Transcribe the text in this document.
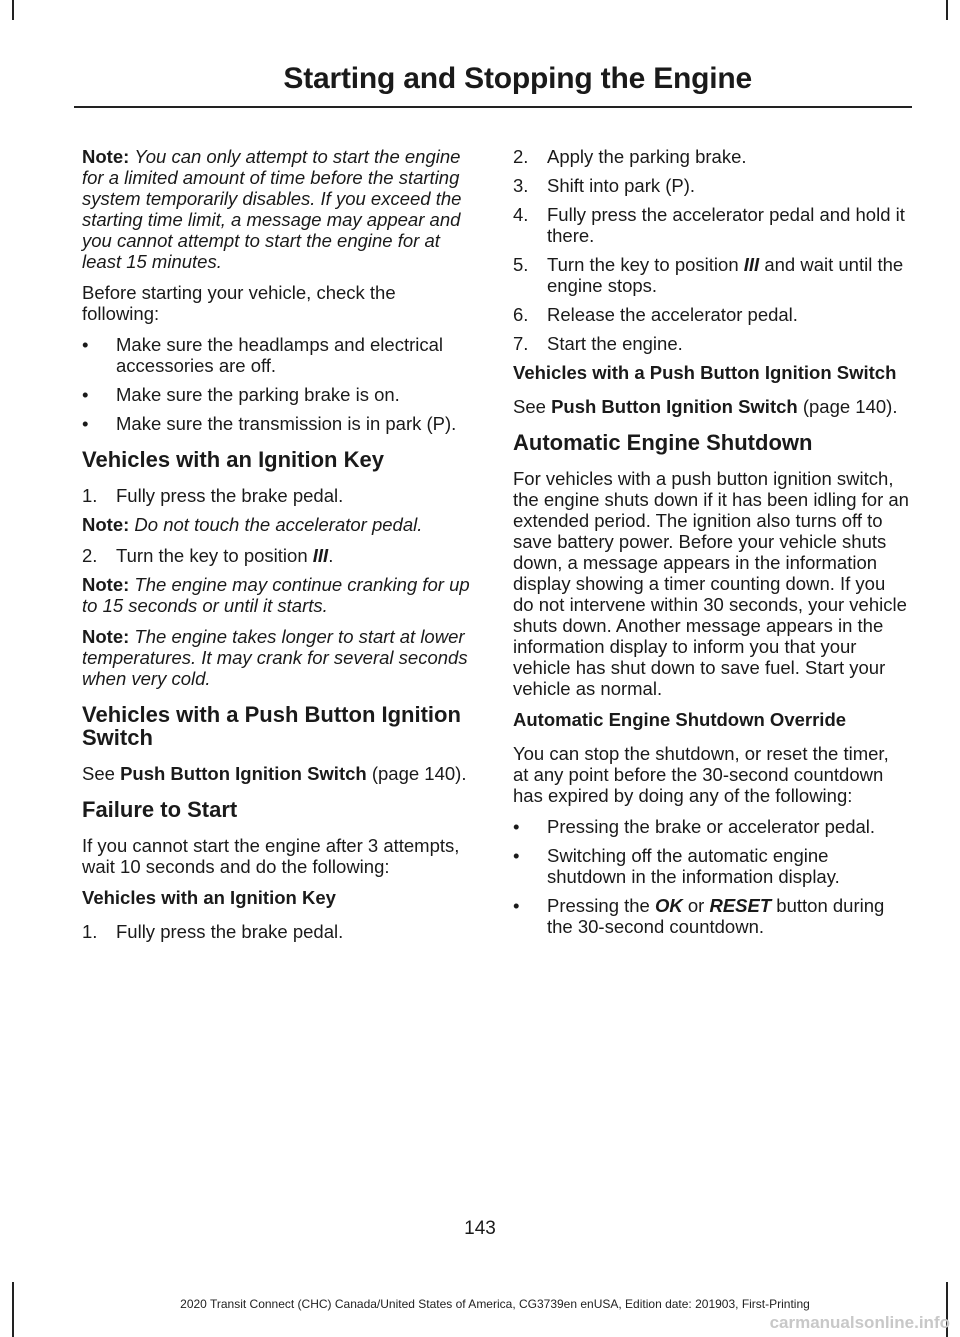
Starting and Stopping the Engine

Note: You can only attempt to start the engine for a limited amount of time before the starting system temporarily disables. If you exceed the starting time limit, a message may appear and you cannot attempt to start the engine for at least 15 minutes.

Before starting your vehicle, check the following:

• Make sure the headlamps and electrical accessories are off.
• Make sure the parking brake is on.
• Make sure the transmission is in park (P).
Vehicles with an Ignition Key
1. Fully press the brake pedal.

Note: Do not touch the accelerator pedal.

2. Turn the key to position III.

Note: The engine may continue cranking for up to 15 seconds or until it starts.

Note: The engine takes longer to start at lower temperatures. It may crank for several seconds when very cold.

Vehicles with a Push Button Ignition Switch

See Push Button Ignition Switch (page 140).

Failure to Start

If you cannot start the engine after 3 attempts, wait 10 seconds and do the following:

Vehicles with an Ignition Key
1. Fully press the brake pedal.
2. Apply the parking brake.
3. Shift into park (P).
4. Fully press the accelerator pedal and hold it there.
5. Turn the key to position III and wait until the engine stops.
6. Release the accelerator pedal.
7. Start the engine.
Vehicles with a Push Button Ignition Switch

See Push Button Ignition Switch (page 140).

Automatic Engine Shutdown

For vehicles with a push button ignition switch, the engine shuts down if it has been idling for an extended period. The ignition also turns off to save battery power. Before your vehicle shuts down, a message appears in the information display showing a timer counting down. If you do not intervene within 30 seconds, your vehicle shuts down. Another message appears in the information display to inform you that your vehicle has shut down to save fuel. Start your vehicle as normal.

Automatic Engine Shutdown Override

You can stop the shutdown, or reset the timer, at any point before the 30-second countdown has expired by doing any of the following:

• Pressing the brake or accelerator pedal.
• Switching off the automatic engine shutdown in the information display.
• Pressing the OK or RESET button during the 30-second countdown.
143
2020 Transit Connect (CHC) Canada/United States of America, CG3739en enUSA, Edition date: 201903, First-Printing
carmanualsonline.info
